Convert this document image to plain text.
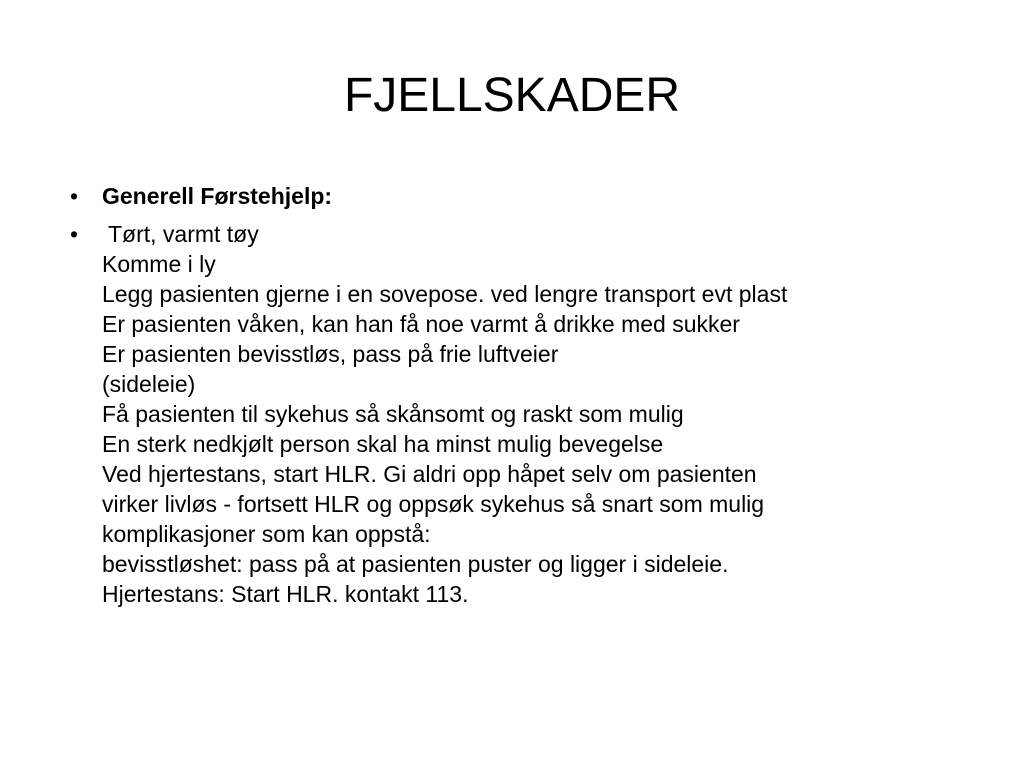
FJELLSKADER
• Generell Førstehjelp:
• Tørt, varmt tøy
Komme i ly
Legg pasienten gjerne i en sovepose. ved lengre transport evt plast
Er pasienten våken, kan han få noe varmt å drikke med sukker
Er pasienten bevisstløs, pass på frie luftveier
(sideleie)
Få pasienten til sykehus så skånsomt og raskt som mulig
En sterk nedkjølt person skal ha minst mulig bevegelse
Ved hjertestans, start HLR. Gi aldri opp håpet selv om pasienten
virker livløs - fortsett HLR og oppsøk sykehus så snart som mulig
komplikasjoner som kan oppstå:
bevisstløshet: pass på at pasienten puster og ligger i sideleie.
Hjertestans: Start HLR. kontakt 113.
